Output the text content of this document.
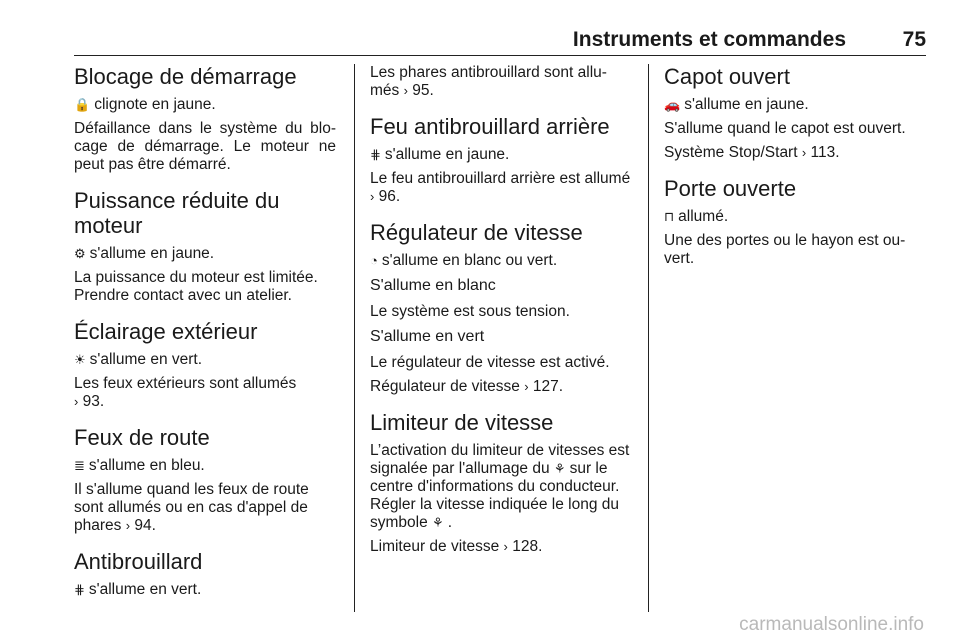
Instruments et commandes	75
Blocage de démarrage

🔒 clignote en jaune.

Défaillance dans le système du blo-cage de démarrage. Le moteur ne peut pas être démarré.

Puissance réduite du moteur

⚙ s'allume en jaune.

La puissance du moteur est limitée. Prendre contact avec un atelier.

Éclairage extérieur

☀ s'allume en vert.

Les feux extérieurs sont allumés
› 93.

Feux de route

≣ s'allume en bleu.

Il s'allume quand les feux de route sont allumés ou en cas d'appel de phares › 94.

Antibrouillard

⋕ s'allume en vert.

Les phares antibrouillard sont allu-més › 95.

Feu antibrouillard arrière

⋕ s'allume en jaune.

Le feu antibrouillard arrière est allumé › 96.

Régulateur de vitesse

◔ s'allume en blanc ou vert.

S'allume en blanc

Le système est sous tension.

S'allume en vert

Le régulateur de vitesse est activé.

Régulateur de vitesse › 127.

Limiteur de vitesse

L’activation du limiteur de vitesses est signalée par l'allumage du ⚘ sur le centre d'informations du conducteur. Régler la vitesse indiquée le long du symbole ⚘ .

Limiteur de vitesse › 128.

Capot ouvert

🚗 s'allume en jaune.

S'allume quand le capot est ouvert.

Système Stop/Start › 113.

Porte ouverte

⊓ allumé.

Une des portes ou le hayon est ou-vert.

carmanualsonline.info
